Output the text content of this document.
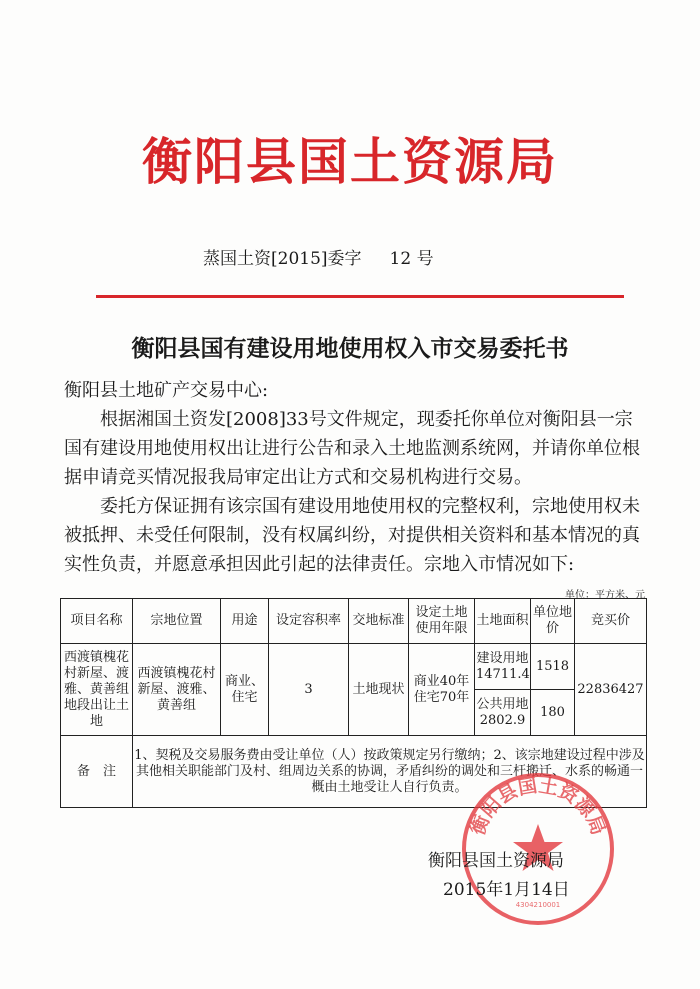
衡阳县国土资源局
蒸国土资[2015]委字 12 号
衡阳县国有建设用地使用权入市交易委托书

衡阳县土地矿产交易中心:

根据湘国土资发[2008]33号文件规定，现委托你单位对衡阳县一宗国有建设用地使用权出让进行公告和录入土地监测系统网，并请你单位根据申请竞买情况报我局审定出让方式和交易机构进行交易。

委托方保证拥有该宗国有建设用地使用权的完整权利，宗地使用权未被抵押、未受任何限制，没有权属纠纷，对提供相关资料和基本情况的真实性负责，并愿意承担因此引起的法律责任。宗地入市情况如下:

单位：平方米、元
项目名称	宗地位置	用途	设定容积率	交地标准	设定土地使用年限	土地面积	单位地价	竞买价
西渡镇槐花村新屋、渡雅、黄善组地段出让土地	西渡镇槐花村新屋、渡雅、黄善组	商业、住宅	3	土地现状	商业40年住宅70年	建设用地14711.4	1518	22836427
						公共用地2802.9	180	
备　注	1、契税及交易服务费由受让单位（人）按政策规定另行缴纳；2、该宗地建设过程中涉及其他相关职能部门及村、组周边关系的协调，矛盾纠纷的调处和三杆搬迁、水系的畅通一概由土地受让人自行负责。							
衡阳县国土资源局
4304210001
衡阳县国土资源局
2015年1月14日
